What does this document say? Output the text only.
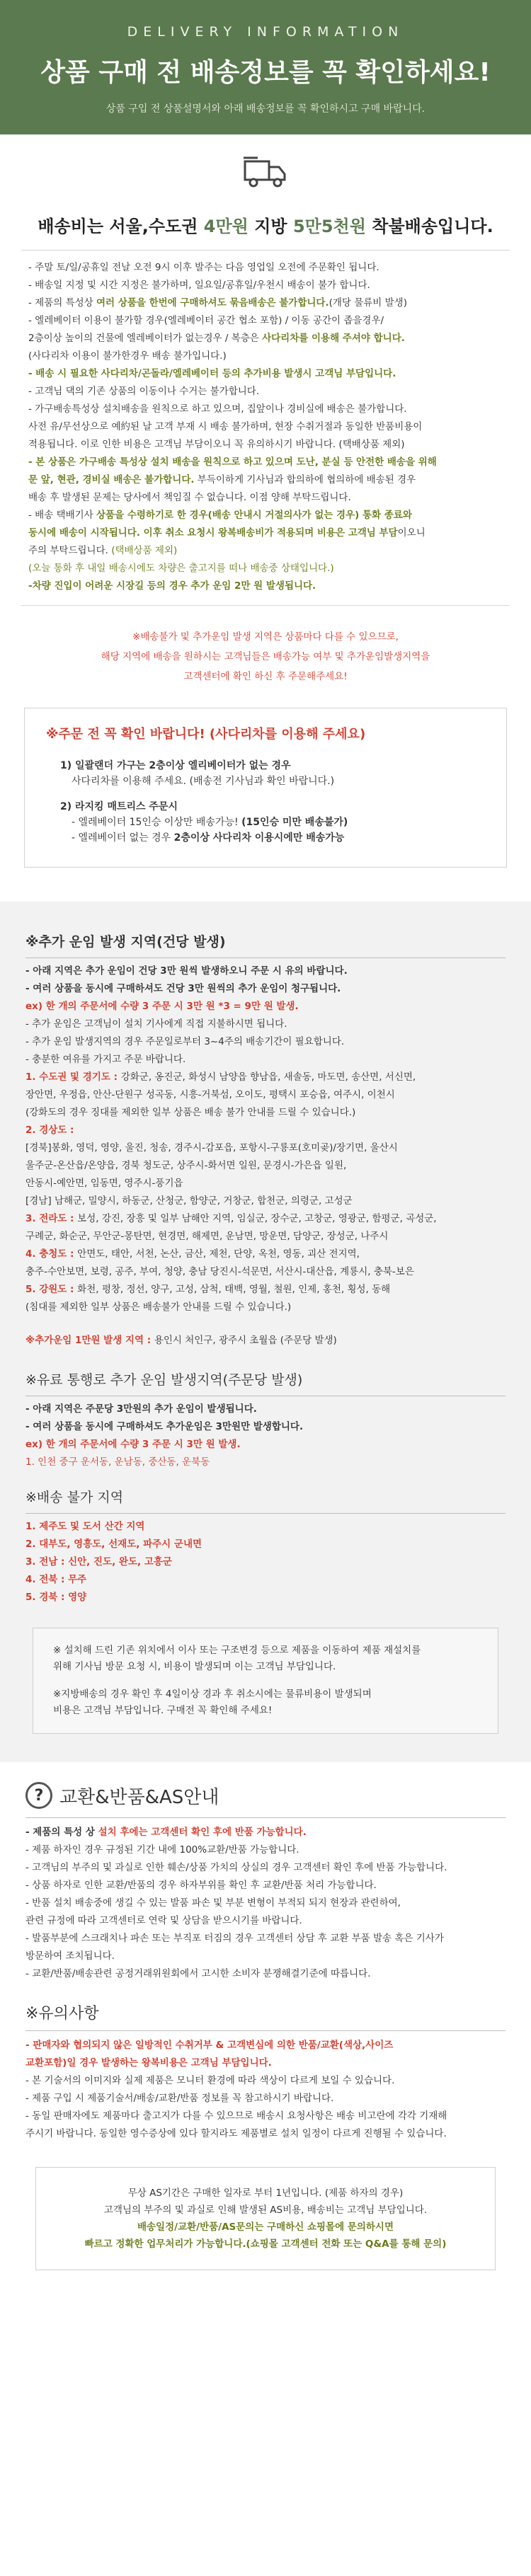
DELIVERY INFORMATION
상품 구매 전 배송정보를 꼭 확인하세요!
상품 구입 전 상품설명서와 아래 배송정보를 꼭 확인하시고 구매 바랍니다.
배송비는 서울,수도권 4만원 지방 5만5천원 착불배송입니다.

- 주말 토/일/공휴일 전날 오전 9시 이후 발주는 다음 영업일 오전에 주문확인 됩니다.

- 배송일 지정 및 시간 지정은 불가하며, 일요일/공휴일/우천시 배송이 불가 합니다.

- 제품의 특성상 여러 상품을 한번에 구매하셔도 묶음배송은 불가합니다.(개당 물류비 발생)

- 엘레베이터 이용이 불가할 경우(엘레베이터 공간 협소 포함) / 이동 공간이 좁을경우/

2층이상 높이의 건물에 엘레베이터가 없는경우 / 복층은 사다리차를 이용해 주셔야 합니다.

(사다리차 이용이 불가한경우 배송 불가입니다.)

- 배송 시 필요한 사다리차/곤돌라/엘레베이터 등의 추가비용 발생시 고객님 부담입니다.

- 고객님 댁의 기존 상품의 이동이나 수거는 불가합니다.

- 가구배송특성상 설치배송을 원칙으로 하고 있으며, 집앞이나 경비실에 배송은 불가합니다.

사전 유/무선상으로 예約된 날 고객 부재 시 배송 불가하며, 현장 수취거절과 동일한 반품비용이

적용됩니다. 이로 인한 비용은 고객님 부담이오니 꼭 유의하시기 바랍니다. (택배상품 제외)

- 본 상품은 가구배송 특성상 설치 배송을 원칙으로 하고 있으며 도난, 분실 등 안전한 배송을 위해

문 앞, 현관, 경비실 배송은 불가합니다. 부득이하게 기사님과 합의하에 협의하에 배송된 경우

배송 후 발생된 문제는 당사에서 책임질 수 없습니다. 이점 양해 부탁드립니다.

- 배송 택배기사 상품을 수령하기로 한 경우(배송 안내시 거절의사가 없는 경우) 통화 종료와

동시에 배송이 시작됩니다. 이후 취소 요청시 왕복배송비가 적용되며 비용은 고객님 부담이오니

주의 부탁드립니다. (택배상품 제외)

(오늘 통화 후 내일 배송시에도 차량은 출고지를 떠나 배송중 상태입니다.)

-차량 진입이 어려운 시장길 등의 경우 추가 운임 2만 원 발생됩니다.

※배송불가 및 추가운임 발생 지역은 상품마다 다를 수 있으므로,
해당 지역에 배송을 원하시는 고객님들은 배송가능 여부 및 추가운임발생지역을
고객센터에 확인 하신 후 주문해주세요!
※주문 전 꼭 확인 바랍니다! (사다리차를 이용해 주세요)
1) 일괄랜더 가구는 2층이상 엘리베이터가 없는 경우
사다리차를 이용해 주세요. (배송전 기사님과 확인 바랍니다.)
2) 라지킹 매트리스 주문시
- 엘레베이터 15인승 이상만 배송가능! (15인승 미만 배송불가)
- 엘레베이터 없는 경우 2층이상 사다리차 이용시에만 배송가능
※추가 운임 발생 지역(건당 발생)

- 아래 지역은 추가 운임이 건당 3만 원씩 발생하오니 주문 시 유의 바랍니다.

- 여러 상품을 동시에 구매하셔도 건당 3만 원씩의 추가 운임이 청구됩니다.

ex) 한 개의 주문서에 수량 3 주문 시 3만 원 *3 = 9만 원 발생.

- 추가 운임은 고객님이 설치 기사에게 직접 지불하시면 됩니다.

- 추가 운임 발생지역의 경우 주문일로부터 3~4주의 배송기간이 필요합니다.

- 충분한 여유를 가지고 주문 바랍니다.

1. 수도권 및 경기도 : 강화군, 옹진군, 화성시 남양읍 향남읍, 새솔동, 마도면, 송산면, 서신면,

장안면, 우정읍, 안산-단원구 성곡동, 시흥-거북섬, 오이도, 평택시 포승읍, 여주시, 이천시

(강화도의 경우 징대를 제외한 일부 상품은 배송 불가 안내를 드릴 수 있습니다.)

2. 경상도 :

[경북]봉화, 영덕, 영양, 울진, 청송, 경주시-감포읍, 포항시-구룡포(호미곶)/장기면, 울산시

울주군-온산읍/온양읍, 경북 청도군, 상주시-화서면 일원, 문경시-가은읍 일원,

안동시-예안면, 임동면, 영주시-풍기읍

[경남] 남해군, 밀양시, 하동군, 산청군, 함양군, 거창군, 합천군, 의령군, 고성군

3. 전라도 : 보성, 강진, 장흥 및 일부 남해안 지역, 임실군, 장수군, 고창군, 영광군, 함평군, 곡성군,

구례군, 화순군, 무안군-몽탄면, 현경면, 해제면, 운남면, 망운면, 담양군, 장성군, 나주시

4. 충청도 : 안면도, 태안, 서천, 논산, 금산, 제천, 단양, 옥천, 영동, 괴산 전지역,

충주-수안보면, 보령, 공주, 부여, 청양, 충남 당진시-석문면, 서산시-대산읍, 계룡시, 충북-보은

5. 강원도 : 화천, 평창, 정선, 양구, 고성, 삼척, 태백, 영월, 철원, 인제, 홍천, 횡성, 동해

(침대를 제외한 일부 상품은 배송불가 안내를 드릴 수 있습니다.)

※추가운임 1만원 발생 지역 : 용인시 처인구, 광주시 초월읍 (주문당 발생)

※유료 통행로 추가 운임 발생지역(주문당 발생)

- 아래 지역은 주문당 3만원의 추가 운임이 발생됩니다.

- 여러 상품을 동시에 구매하셔도 추가운임은 3만원만 발생합니다.

ex) 한 개의 주문서에 수량 3 주문 시 3만 원 발생.

1. 인천 중구 운서동, 운남동, 중산동, 운북동

※배송 불가 지역

1. 제주도 및 도서 산간 지역

2. 대부도, 영흥도, 선재도, 파주시 군내면

3. 전남 : 신안, 진도, 완도, 고흥군

4. 전북 : 무주

5. 경북 : 영양

※ 설치해 드린 기존 위치에서 이사 또는 구조변경 등으로 제품을 이동하여 제품 재설치를

위해 기사님 방문 요청 시, 비용이 발생되며 이는 고객님 부담입니다.

※지방배송의 경우 확인 후 4일이상 경과 후 취소시에는 물류비용이 발생되며

비용은 고객님 부담입니다. 구매전 꼭 확인해 주세요!

? 교환&반품&AS안내

- 제품의 특성 상 설치 후에는 고객센터 확인 후에 반품 가능합니다.

- 제품 하자인 경우 규정된 기간 내에 100%교환/반품 가능합니다.

- 고객님의 부주의 및 과실로 인한 훼손/상품 가치의 상실의 경우 고객센터 확인 후에 반품 가능합니다.

- 상품 하자로 인한 교환/반품의 경우 하자부위를 확인 후 교환/반품 처리 가능합니다.

- 반품 설치 배송중에 생길 수 있는 발품 파손 및 부분 변형이 부적되 되지 현장과 관련하여,

관련 규정에 따라 고객센터로 연락 및 상담을 받으시기를 바랍니다.

- 발품부분에 스크래치나 파손 또는 부직포 터짐의 경우 고객센터 상담 후 교환 부품 발송 혹은 기사가

방문하여 조치됩니다.

- 교환/반품/배송관련 공정거래위원회에서 고시한 소비자 분쟁해결기준에 따릅니다.

※유의사항

- 판매자와 협의되지 않은 일방적인 수취거부 & 고객변심에 의한 반품/교환(색상,사이즈

교환포함)일 경우 발생하는 왕복비용은 고객님 부담입니다.

- 본 기술서의 이미지와 실제 제품은 모니터 환경에 따라 색상이 다르게 보일 수 있습니다.

- 제품 구입 시 제품기술서/배송/교환/반품 정보를 꼭 참고하시기 바랍니다.

- 동일 판매자에도 제품마다 출고지가 다를 수 있으므로 배송시 요청사항은 배송 비고란에 각각 기재해

주시기 바랍니다. 동일한 영수증상에 있다 할지라도 제품별로 설치 일정이 다르게 진행될 수 있습니다.

무상 AS기간은 구매한 일자로 부터 1년입니다. (제품 하자의 경우)

고객님의 부주의 및 과실로 인해 발생된 AS비용, 배송비는 고객님 부담입니다.

배송일정/교환/반품/AS문의는 구매하신 쇼핑몰에 문의하시면

빠르고 정확한 업무처리가 가능합니다.(쇼핑몰 고객센터 전화 또는 Q&A를 통해 문의)
